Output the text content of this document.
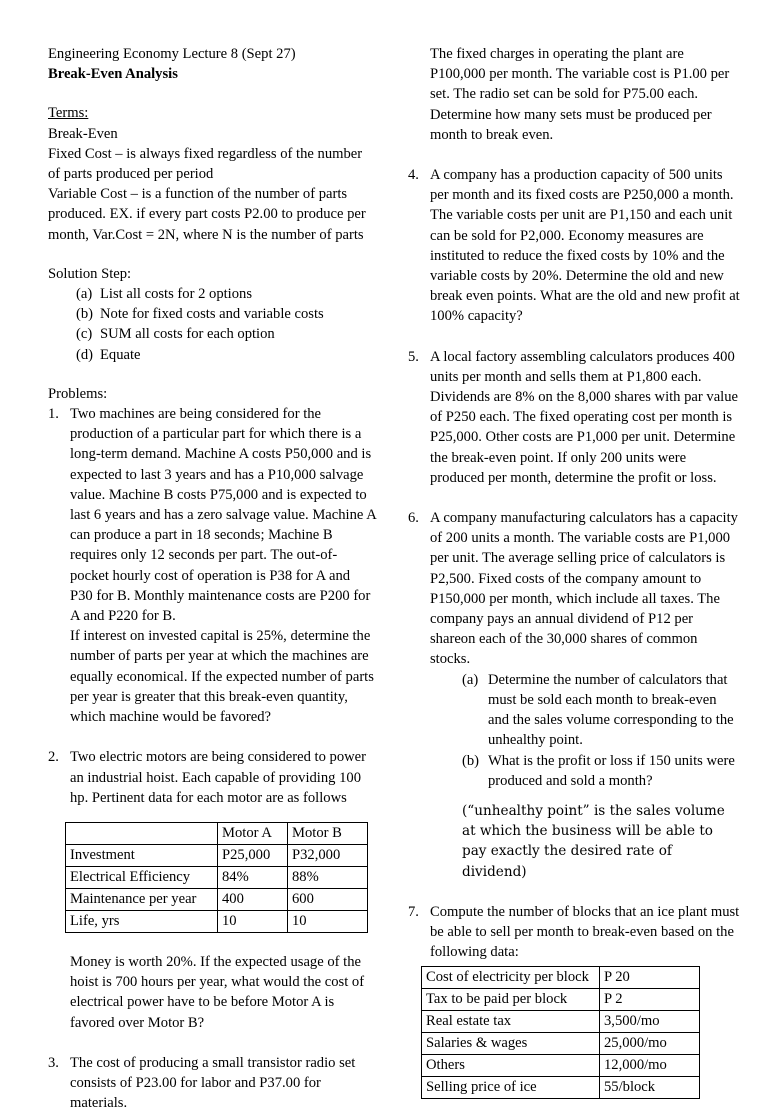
Engineering Economy Lecture 8 (Sept 27)
Break-Even Analysis
Terms:
Break-Even
Fixed Cost – is always fixed regardless of the number of parts produced per period
Variable Cost – is a function of the number of parts produced. EX. if every part costs P2.00 to produce per month, Var.Cost = 2N, where N is the number of parts
Solution Step:
(a) List all costs for 2 options
(b) Note for fixed costs and variable costs
(c) SUM all costs for each option
(d) Equate
Problems:
1. Two machines are being considered for the production of a particular part for which there is a long-term demand. Machine A costs P50,000 and is expected to last 3 years and has a P10,000 salvage value. Machine B costs P75,000 and is expected to last 6 years and has a zero salvage value. Machine A can produce a part in 18 seconds; Machine B requires only 12 seconds per part. The out-of-pocket hourly cost of operation is P38 for A and P30 for B. Monthly maintenance costs are P200 for A and P220 for B.

If interest on invested capital is 25%, determine the number of parts per year at which the machines are equally economical. If the expected number of parts per year is greater that this break-even quantity, which machine would be favored?

2. Two electric motors are being considered to power an industrial hoist. Each capable of providing 100 hp. Pertinent data for each motor are as follows

	Motor A	Motor B
Investment	P25,000	P32,000
Electrical Efficiency	84%	88%
Maintenance per year	400	600
Life, yrs	10	10

Money is worth 20%. If the expected usage of the hoist is 700 hours per year, what would the cost of electrical power have to be before Motor A is favored over Motor B?

3. The cost of producing a small transistor radio set consists of P23.00 for labor and P37.00 for materials.

The fixed charges in operating the plant are P100,000 per month. The variable cost is P1.00 per set. The radio set can be sold for P75.00 each. Determine how many sets must be produced per month to break even.

4. A company has a production capacity of 500 units per month and its fixed costs are P250,000 a month. The variable costs per unit are P1,150 and each unit can be sold for P2,000. Economy measures are instituted to reduce the fixed costs by 10% and the variable costs by 20%. Determine the old and new break even points. What are the old and new profit at 100% capacity?

5. A local factory assembling calculators produces 400 units per month and sells them at P1,800 each. Dividends are 8% on the 8,000 shares with par value of P250 each. The fixed operating cost per month is P25,000. Other costs are P1,000 per unit. Determine the break-even point. If only 200 units were produced per month, determine the profit or loss.

6. A company manufacturing calculators has a capacity of 200 units a month. The variable costs are P1,000 per unit. The average selling price of calculators is P2,500. Fixed costs of the company amount to P150,000 per month, which include all taxes. The company pays an annual dividend of P12 per shareon each of the 30,000 shares of common stocks.

(a) Determine the number of calculators that must be sold each month to break-even and the sales volume corresponding to the unhealthy point.
(b) What is the profit or loss if 150 units were produced and sold a month?

(“unhealthy point” is the sales volume at which the business will be able to pay exactly the desired rate of dividend)

7. Compute the number of blocks that an ice plant must be able to sell per month to break-even based on the following data:

Cost of electricity per block	P 20
Tax to be paid per block	P 2
Real estate tax	3,500/mo
Salaries & wages	25,000/mo
Others	12,000/mo
Selling price of ice	55/block
